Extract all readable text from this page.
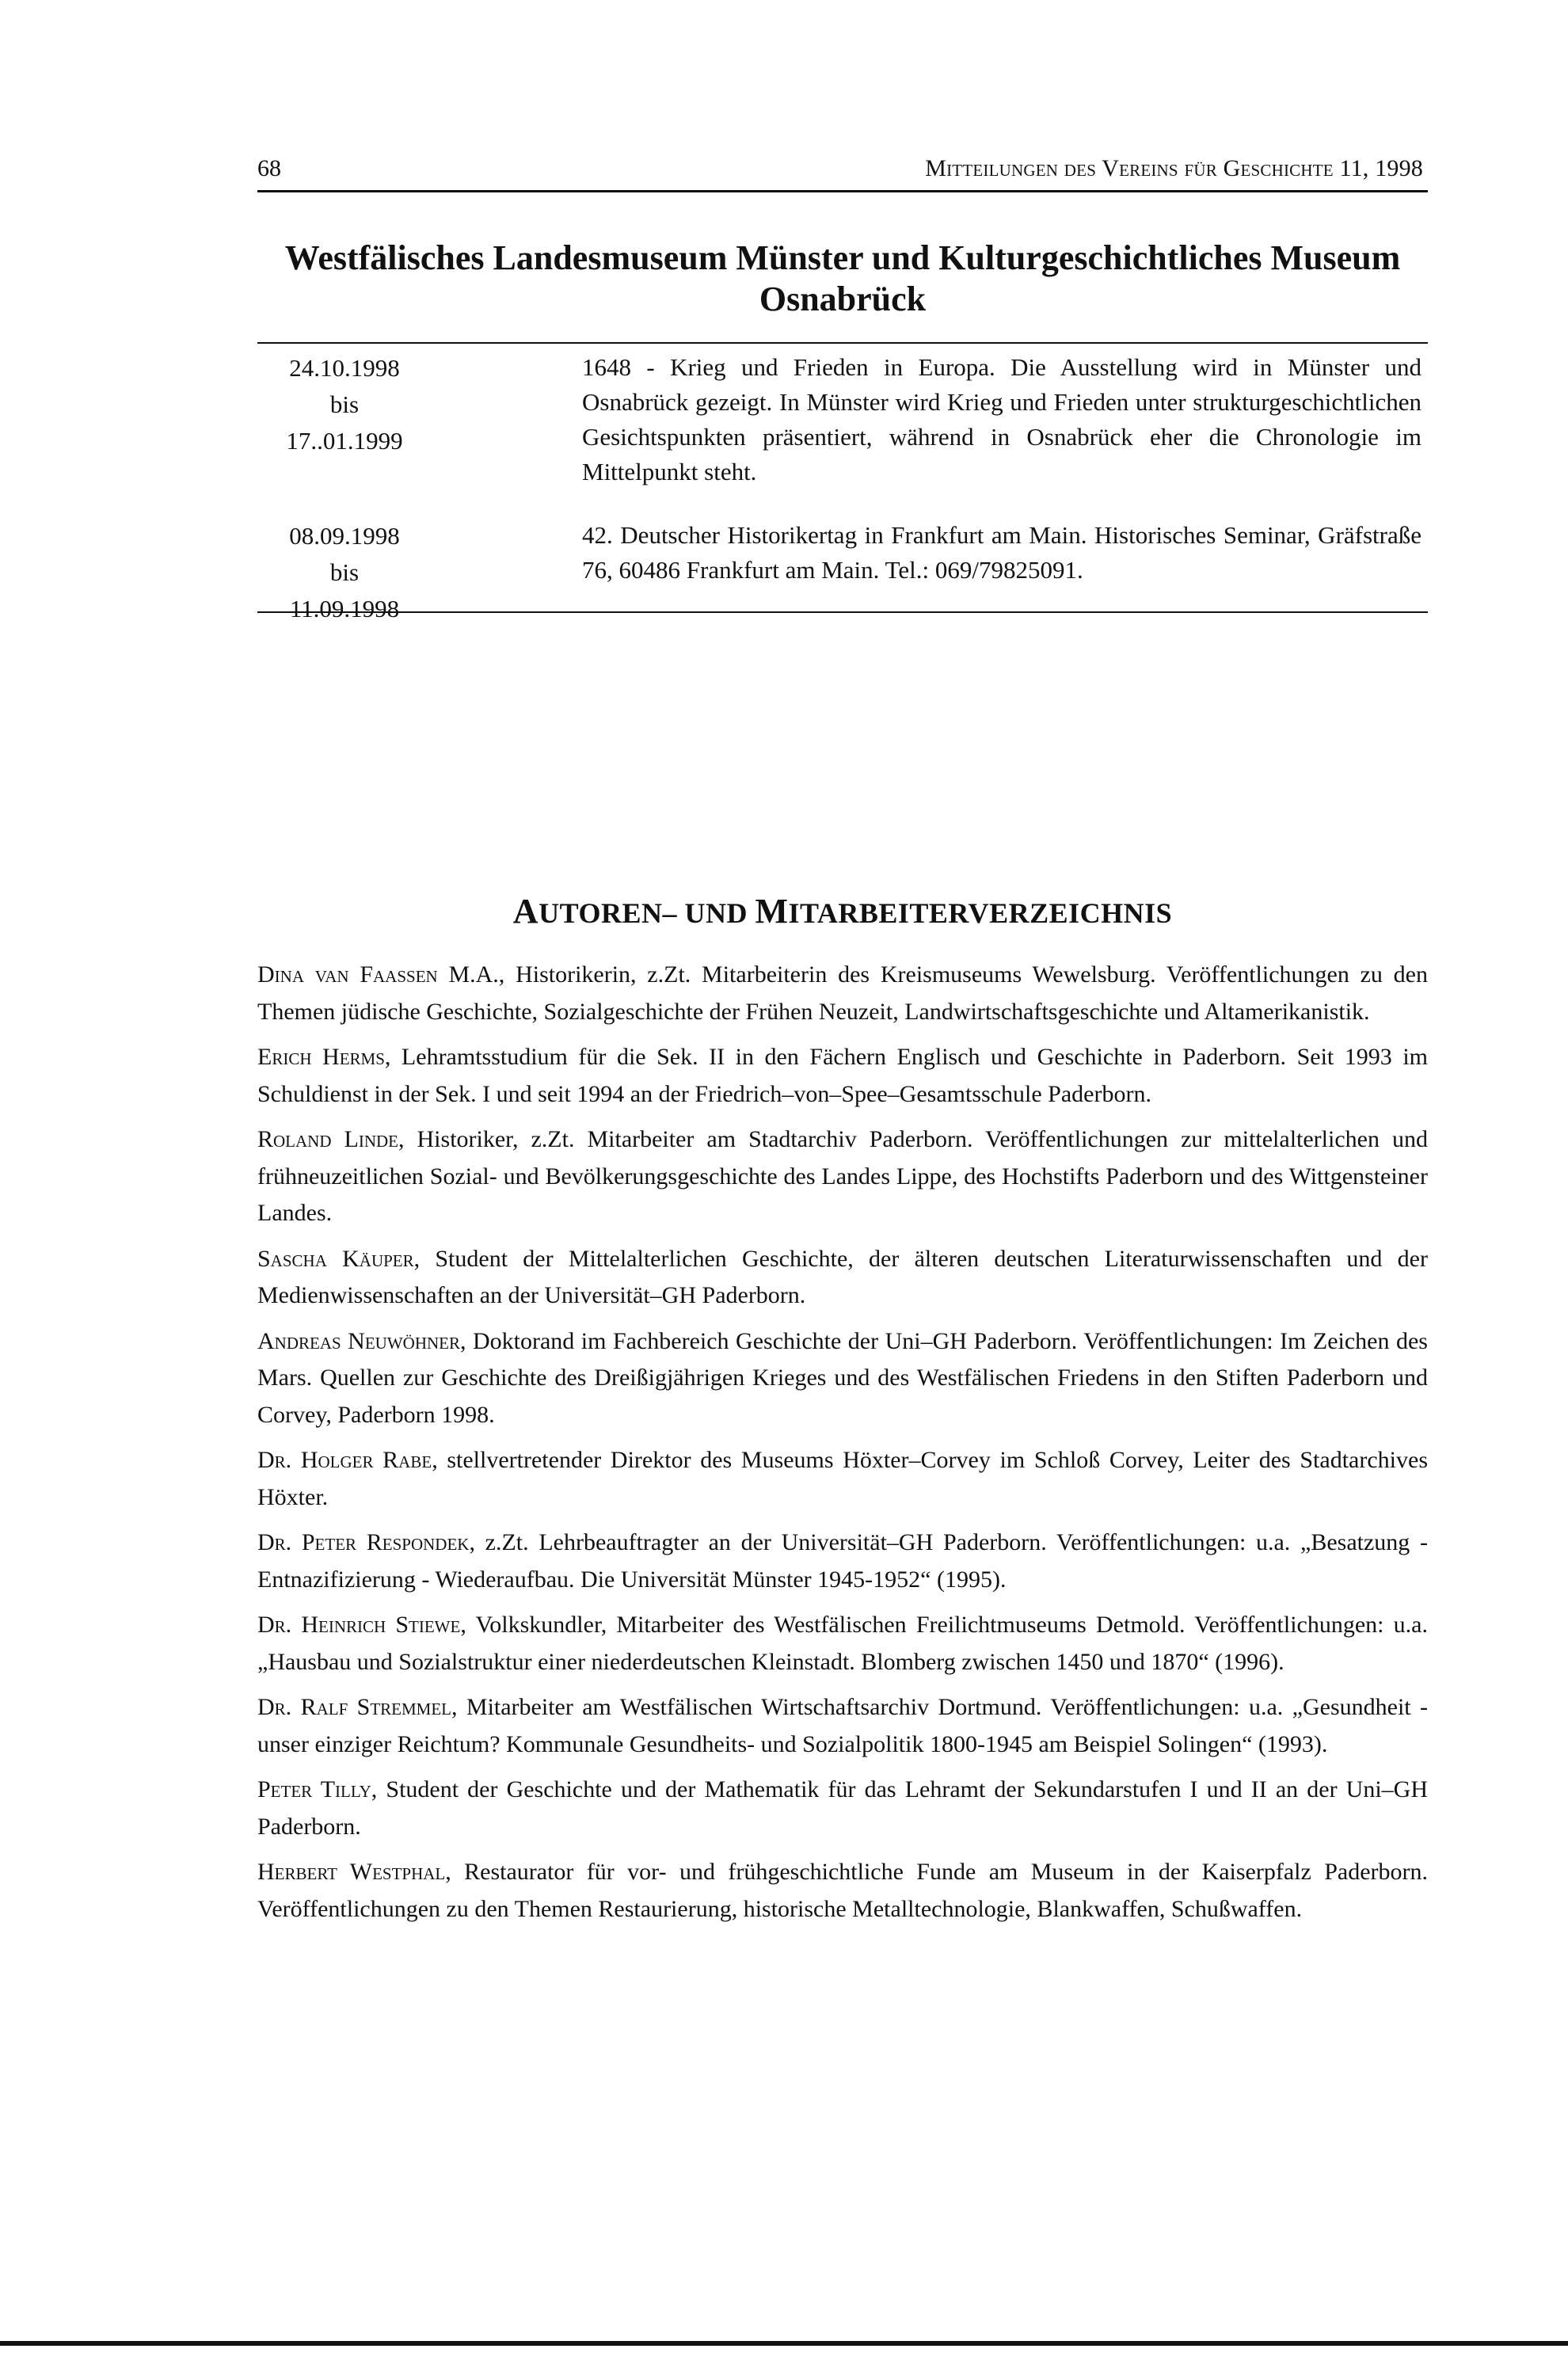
68	Mitteilungen des Vereins für Geschichte 11, 1998
Westfälisches Landesmuseum Münster und Kulturgeschichtliches Museum Osnabrück
24.10.1998
bis
17..01.1999
1648 - Krieg und Frieden in Europa. Die Ausstellung wird in Münster und Osnabrück gezeigt. In Münster wird Krieg und Frieden unter strukturgeschichtlichen Gesichtspunkten präsentiert, während in Osnabrück eher die Chronologie im Mittelpunkt steht.
08.09.1998
bis
11.09.1998
42. Deutscher Historikertag in Frankfurt am Main. Historisches Seminar, Gräfstraße 76, 60486 Frankfurt am Main. Tel.: 069/79825091.
AUTOREN– UND MITARBEITERVERZEICHNIS
Dina van Faassen M.A., Historikerin, z.Zt. Mitarbeiterin des Kreismuseums Wewelsburg. Veröffentlichungen zu den Themen jüdische Geschichte, Sozialgeschichte der Frühen Neuzeit, Landwirtschaftsgeschichte und Altamerikanistik.
Erich Herms, Lehramtsstudium für die Sek. II in den Fächern Englisch und Geschichte in Paderborn. Seit 1993 im Schuldienst in der Sek. I und seit 1994 an der Friedrich–von–Spee–Gesamtsschule Paderborn.
Roland Linde, Historiker, z.Zt. Mitarbeiter am Stadtarchiv Paderborn. Veröffentlichungen zur mittelalterlichen und frühneuzeitlichen Sozial- und Bevölkerungsgeschichte des Landes Lippe, des Hochstifts Paderborn und des Wittgensteiner Landes.
Sascha Käuper, Student der Mittelalterlichen Geschichte, der älteren deutschen Literaturwissenschaften und der Medienwissenschaften an der Universität–GH Paderborn.
Andreas Neuwöhner, Doktorand im Fachbereich Geschichte der Uni–GH Paderborn. Veröffentlichungen: Im Zeichen des Mars. Quellen zur Geschichte des Dreißigjährigen Krieges und des Westfälischen Friedens in den Stiften Paderborn und Corvey, Paderborn 1998.
Dr. Holger Rabe, stellvertretender Direktor des Museums Höxter–Corvey im Schloß Corvey, Leiter des Stadtarchives Höxter.
Dr. Peter Respondek, z.Zt. Lehrbeauftragter an der Universität–GH Paderborn. Veröffentlichungen: u.a. „Besatzung - Entnazifizierung - Wiederaufbau. Die Universität Münster 1945-1952“ (1995).
Dr. Heinrich Stiewe, Volkskundler, Mitarbeiter des Westfälischen Freilichtmuseums Detmold. Veröffentlichungen: u.a. „Hausbau und Sozialstruktur einer niederdeutschen Kleinstadt. Blomberg zwischen 1450 und 1870“ (1996).
Dr. Ralf Stremmel, Mitarbeiter am Westfälischen Wirtschaftsarchiv Dortmund. Veröffentlichungen: u.a. „Gesundheit - unser einziger Reichtum? Kommunale Gesundheits- und Sozialpolitik 1800-1945 am Beispiel Solingen“ (1993).
Peter Tilly, Student der Geschichte und der Mathematik für das Lehramt der Sekundarstufen I und II an der Uni–GH Paderborn.
Herbert Westphal, Restaurator für vor- und frühgeschichtliche Funde am Museum in der Kaiserpfalz Paderborn. Veröffentlichungen zu den Themen Restaurierung, historische Metalltechnologie, Blankwaffen, Schußwaffen.
